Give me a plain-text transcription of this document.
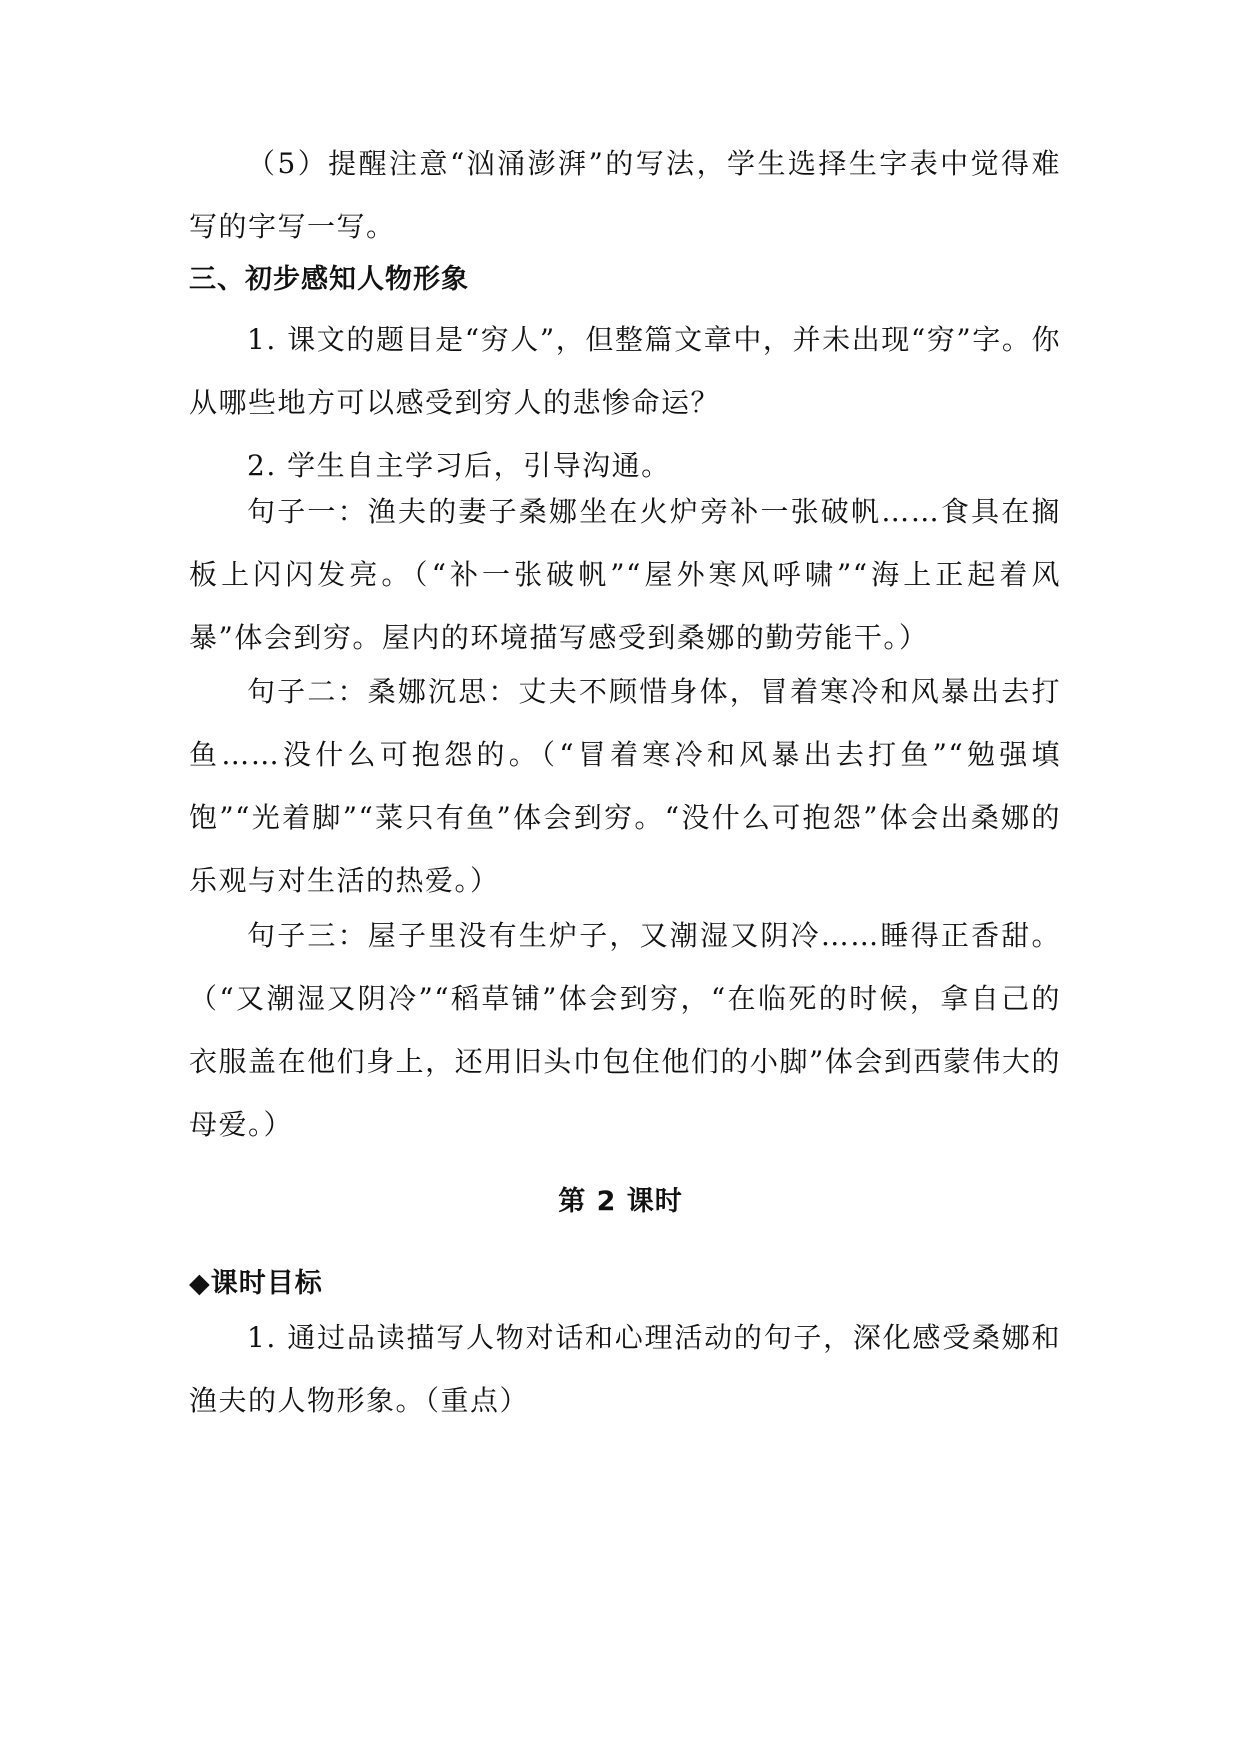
（5）提醒注意“汹涌澎湃”的写法，学生选择生字表中觉得难写的字写一写。

三、初步感知人物形象

1. 课文的题目是“穷人”，但整篇文章中，并未出现“穷”字。你从哪些地方可以感受到穷人的悲惨命运？

2. 学生自主学习后，引导沟通。

句子一：渔夫的妻子桑娜坐在火炉旁补一张破帆……食具在搁板上闪闪发亮。（“补一张破帆”“屋外寒风呼啸”“海上正起着风暴”体会到穷。屋内的环境描写感受到桑娜的勤劳能干。）

句子二：桑娜沉思：丈夫不顾惜身体，冒着寒冷和风暴出去打鱼……没什么可抱怨的。（“冒着寒冷和风暴出去打鱼”“勉强填饱”“光着脚”“菜只有鱼”体会到穷。“没什么可抱怨”体会出桑娜的乐观与对生活的热爱。）

句子三：屋子里没有生炉子，又潮湿又阴冷……睡得正香甜。（“又潮湿又阴冷”“稻草铺”体会到穷，“在临死的时候，拿自己的衣服盖在他们身上，还用旧头巾包住他们的小脚”体会到西蒙伟大的母爱。）

第 2 课时
◆课时目标

1. 通过品读描写人物对话和心理活动的句子，深化感受桑娜和渔夫的人物形象。（重点）
